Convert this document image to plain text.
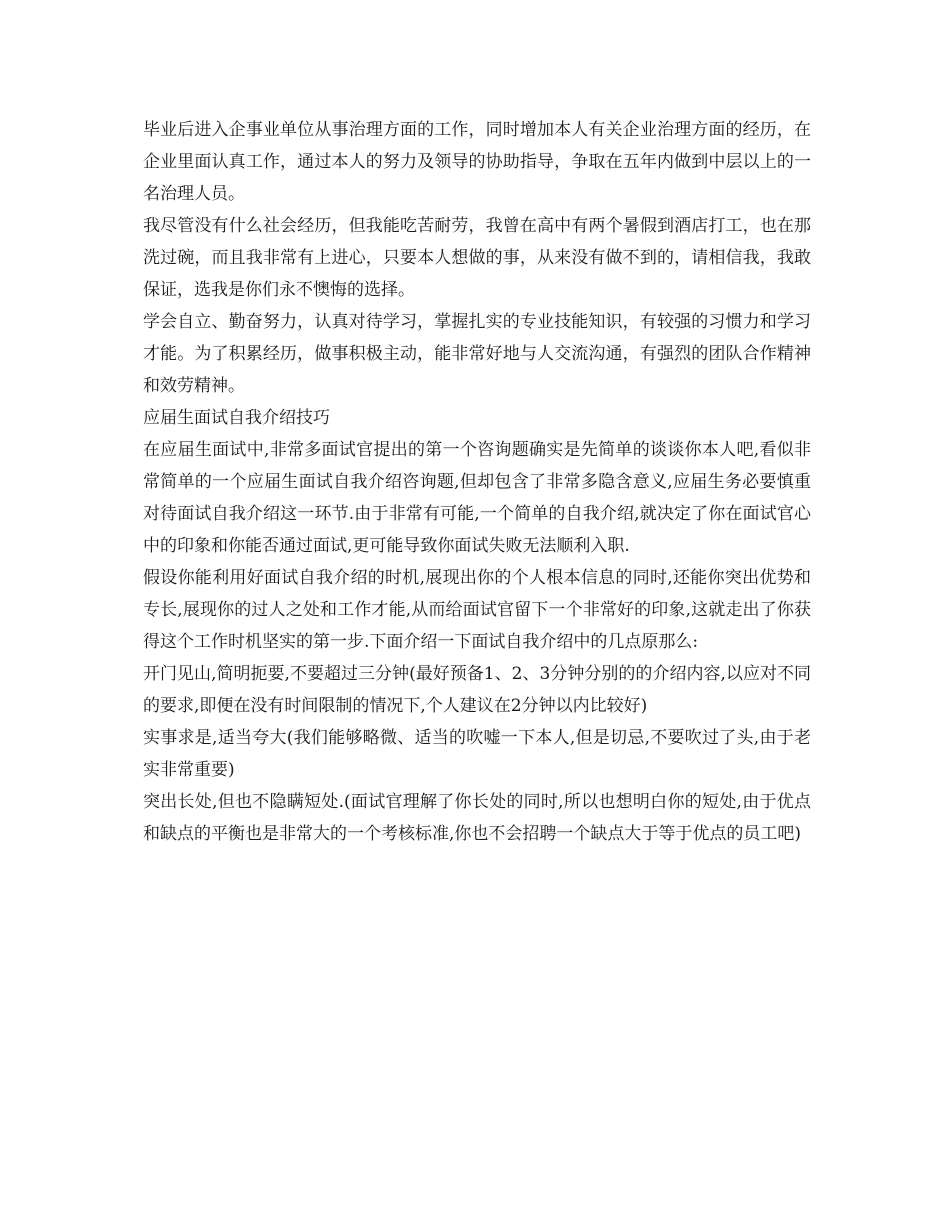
毕业后进入企事业单位从事治理方面的工作，同时增加本人有关企业治理方面的经历，在企业里面认真工作，通过本人的努力及领导的协助指导，争取在五年内做到中层以上的一名治理人员。

我尽管没有什么社会经历，但我能吃苦耐劳，我曾在高中有两个暑假到酒店打工，也在那洗过碗，而且我非常有上进心，只要本人想做的事，从来没有做不到的，请相信我，我敢保证，选我是你们永不懊悔的选择。

学会自立、勤奋努力，认真对待学习，掌握扎实的专业技能知识，有较强的习惯力和学习才能。为了积累经历，做事积极主动，能非常好地与人交流沟通，有强烈的团队合作精神和效劳精神。

应届生面试自我介绍技巧

在应届生面试中,非常多面试官提出的第一个咨询题确实是先简单的谈谈你本人吧,看似非常简单的一个应届生面试自我介绍咨询题,但却包含了非常多隐含意义,应届生务必要慎重对待面试自我介绍这一环节.由于非常有可能,一个简单的自我介绍,就决定了你在面试官心中的印象和你能否通过面试,更可能导致你面试失败无法顺利入职.

假设你能利用好面试自我介绍的时机,展现出你的个人根本信息的同时,还能你突出优势和专长,展现你的过人之处和工作才能,从而给面试官留下一个非常好的印象,这就走出了你获得这个工作时机坚实的第一步.下面介绍一下面试自我介绍中的几点原那么:

开门见山,简明扼要,不要超过三分钟(最好预备1、2、3分钟分别的的介绍内容,以应对不同的要求,即便在没有时间限制的情况下,个人建议在2分钟以内比较好)

实事求是,适当夸大(我们能够略微、适当的吹嘘一下本人,但是切忌,不要吹过了头,由于老实非常重要)

突出长处,但也不隐瞒短处.(面试官理解了你长处的同时,所以也想明白你的短处,由于优点和缺点的平衡也是非常大的一个考核标准,你也不会招聘一个缺点大于等于优点的员工吧)
